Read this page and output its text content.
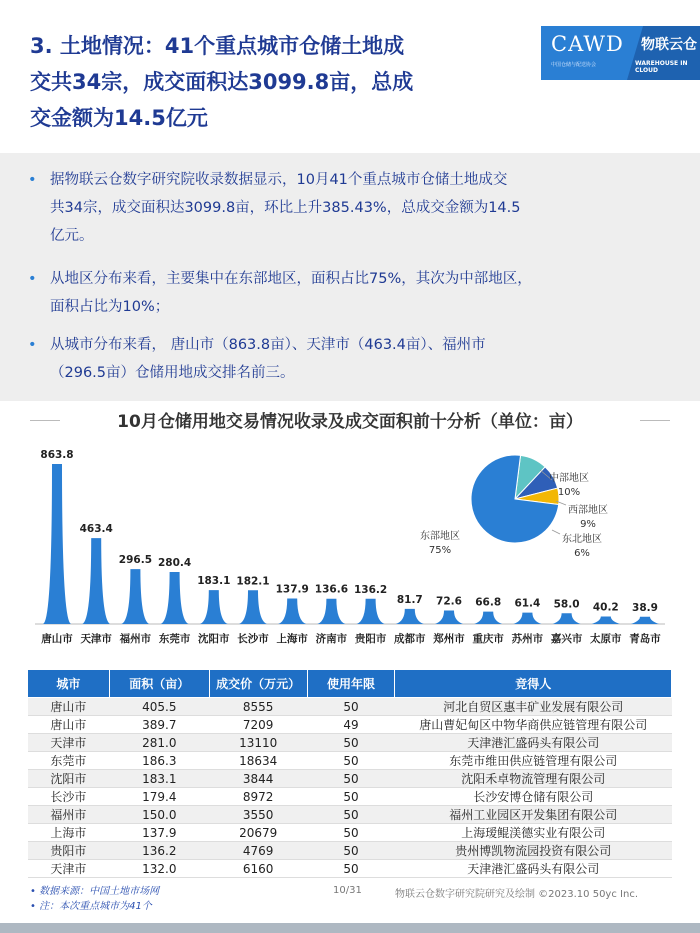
3. 土地情况：41个重点城市仓储土地成
交共34宗，成交面积达3099.8亩，总成
交金额为14.5亿元
CAWD
中国仓储与配送协会
物联云仓
WAREHOUSE IN CLOUD
• 据物联云仓数字研究院收录数据显示，10月41个重点城市仓储土地成交
共34宗，成交面积达3099.8亩，环比上升385.43%，总成交金额为14.5
亿元。
• 从地区分布来看，主要集中在东部地区，面积占比75%，其次为中部地区，
面积占比为10%；
• 从城市分布来看， 唐山市（863.8亩）、天津市（463.4亩）、福州市
（296.5亩）仓储用地成交排名前三。
10月仓储用地交易情况收录及成交面积前十分析（单位：亩）
863.8
唐山市
463.4
天津市
296.5
福州市
280.4
东莞市
183.1
沈阳市
182.1
长沙市
137.9
上海市
136.6
济南市
136.2
贵阳市
81.7
成都市
72.6
郑州市
66.8
重庆市
61.4
苏州市
58.0
嘉兴市
40.2
太原市
38.9
青岛市
中部地区
10%
西部地区
9%
东北地区
6%
东部地区
75%
城市	面积（亩）	成交价（万元）	使用年限	竞得人
唐山市	405.5	8555	50	河北自贸区惠丰矿业发展有限公司
唐山市	389.7	7209	49	唐山曹妃甸区中物华商供应链管理有限公司
天津市	281.0	13110	50	天津港汇盛码头有限公司
东莞市	186.3	18634	50	东莞市维田供应链管理有限公司
沈阳市	183.1	3844	50	沈阳禾卓物流管理有限公司
长沙市	179.4	8972	50	长沙安博仓储有限公司
福州市	150.0	3550	50	福州工业园区开发集团有限公司
上海市	137.9	20679	50	上海瑷鲲渼德实业有限公司
贵阳市	136.2	4769	50	贵州博凯物流园投资有限公司
天津市	132.0	6160	50	天津港汇盛码头有限公司
• 数据来源：中国土地市场网
• 注：本次重点城市为41个
10/31	物联云仓数字研究院研究及绘制 ©2023.10 50yc Inc.
